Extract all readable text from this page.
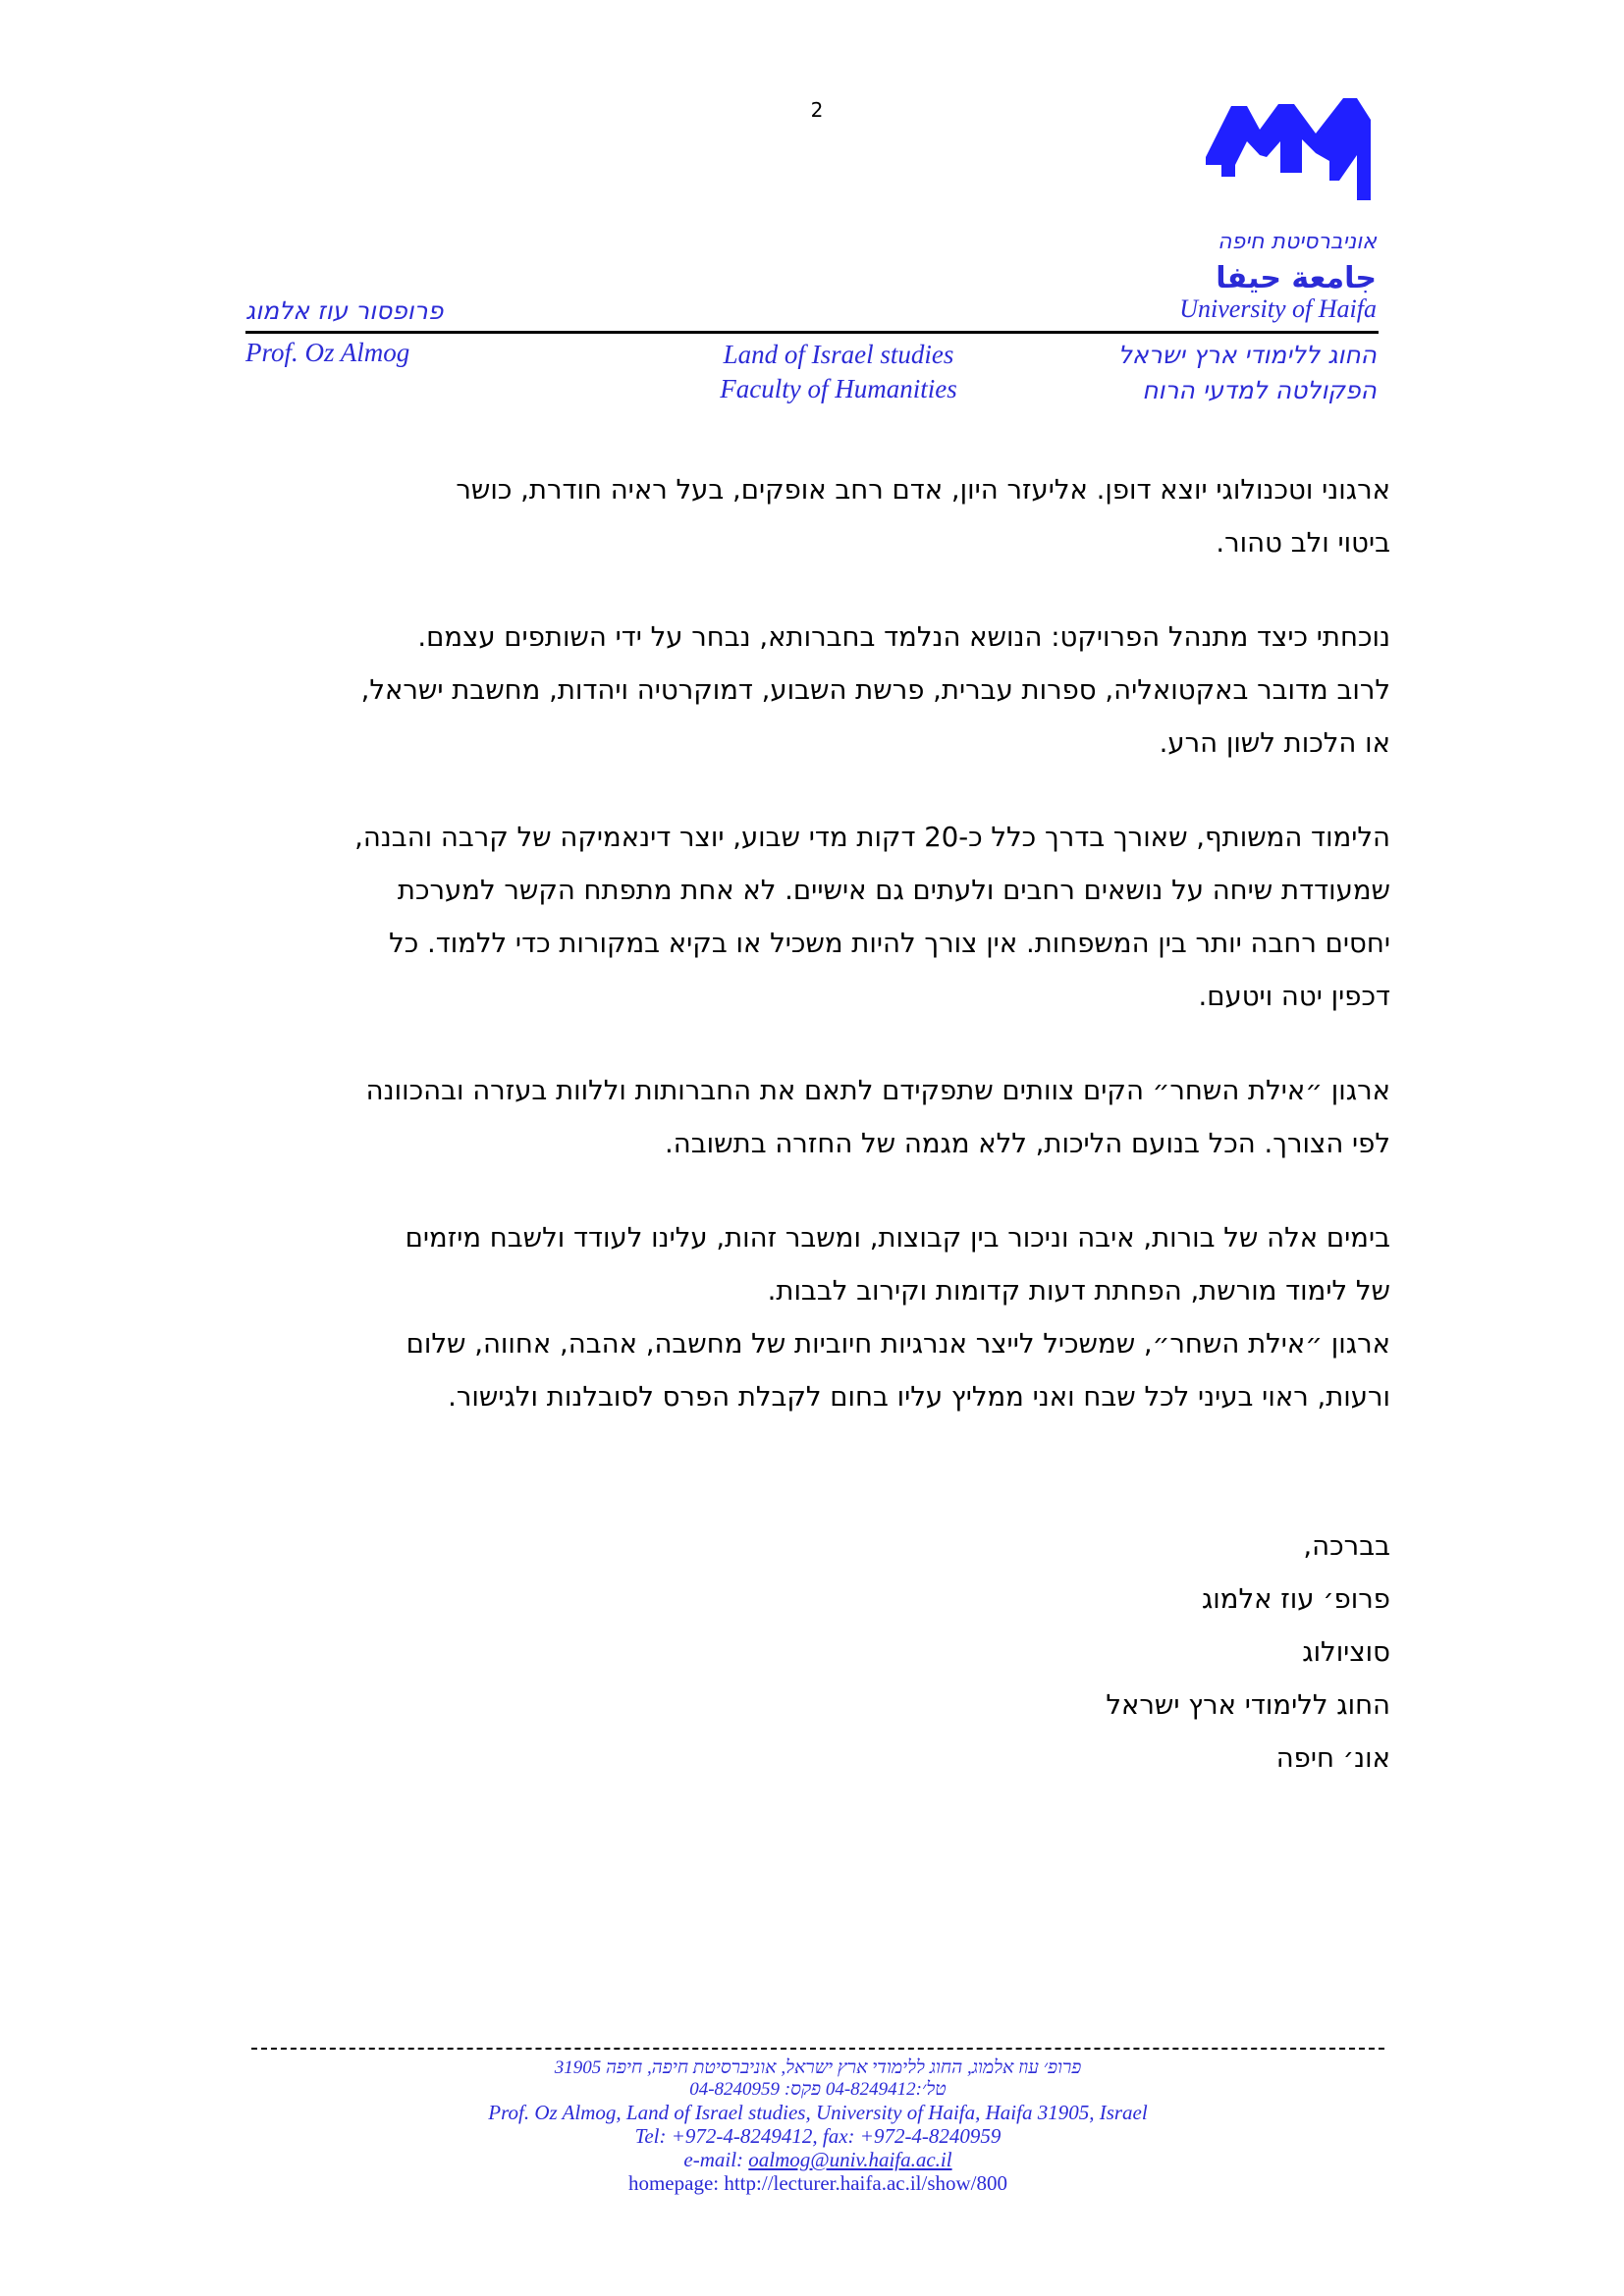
2
אוניברסיטת חיפה
جامعة حيفا
University of Haifa
פרופסור עוז אלמוג
Prof. Oz Almog	Land of Israel studies
Faculty of Humanities
החוג ללימודי ארץ ישראל
הפקולטה למדעי הרוח
ארגוני וטכנולוגי יוצא דופן. אליעזר היון, אדם רחב אופקים, בעל ראיה חודרת, כושר
ביטוי ולב טהור.
נוכחתי כיצד מתנהל הפרויקט: הנושא הנלמד בחברותא, נבחר על ידי השותפים עצמם.
לרוב מדובר באקטואליה, ספרות עברית, פרשת השבוע, דמוקרטיה ויהדות, מחשבת ישראל,
או הלכות לשון הרע.
הלימוד המשותף, שאורך בדרך כלל כ-20 דקות מדי שבוע, יוצר דינאמיקה של קרבה והבנה,
שמעודדת שיחה על נושאים רחבים ולעתים גם אישיים. לא אחת מתפתח הקשר למערכת
יחסים רחבה יותר בין המשפחות. אין צורך להיות משכיל או בקיא במקורות כדי ללמוד. כל
דכפין יטה ויטעם.
ארגון ״אילת השחר״ הקים צוותים שתפקידם לתאם את החברותות וללוות בעזרה ובהכוונה
לפי הצורך. הכל בנועם הליכות, ללא מגמה של החזרה בתשובה.
בימים אלה של בורות, איבה וניכור בין קבוצות, ומשבר זהות, עלינו לעודד ולשבח מיזמים
של לימוד מורשת, הפחתת דעות קדומות וקירוב לבבות.
ארגון ״אילת השחר״, שמשכיל לייצר אנרגיות חיוביות של מחשבה, אהבה, אחווה, שלום
ורעות, ראוי בעיני לכל שבח ואני ממליץ עליו בחום לקבלת הפרס לסובלנות ולגישור.
בברכה,
פרופ׳ עוז אלמוג
סוציולוג
החוג ללימודי ארץ ישראל
אונ׳ חיפה
פרופ׳ עוז אלמוג, החוג ללימודי ארץ ישראל, אוניברסיטת חיפה, חיפה 31905
טל׳:04-8249412 פקס: 04-8240959
Prof. Oz Almog, Land of Israel studies, University of Haifa, Haifa 31905, Israel
Tel: +972-4-8249412, fax: +972-4-8240959
e-mail: oalmog@univ.haifa.ac.il
homepage: http://lecturer.haifa.ac.il/show/800
